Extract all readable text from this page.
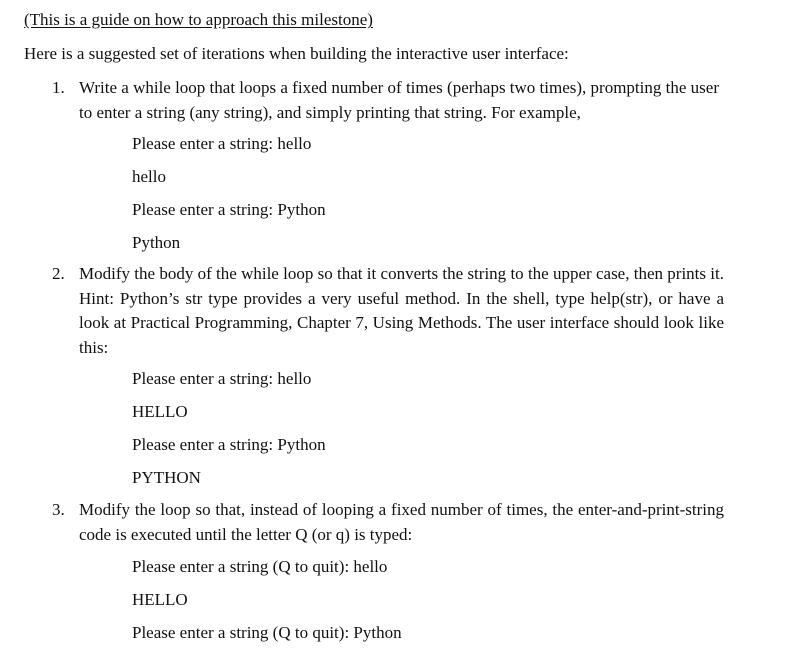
(This is a guide on how to approach this milestone)
Here is a suggested set of iterations when building the interactive user interface:
1. Write a while loop that loops a fixed number of times (perhaps two times), prompting the user to enter a string (any string), and simply printing that string. For example,
Please enter a string: hello
hello
Please enter a string: Python
Python
2. Modify the body of the while loop so that it converts the string to the upper case, then prints it. Hint: Python’s str type provides a very useful method. In the shell, type help(str), or have a look at Practical Programming, Chapter 7, Using Methods. The user interface should look like this:
Please enter a string: hello
HELLO
Please enter a string: Python
PYTHON
3. Modify the loop so that, instead of looping a fixed number of times, the enter-and-print-string code is executed until the letter Q (or q) is typed:
Please enter a string (Q to quit): hello
HELLO
Please enter a string (Q to quit): Python
